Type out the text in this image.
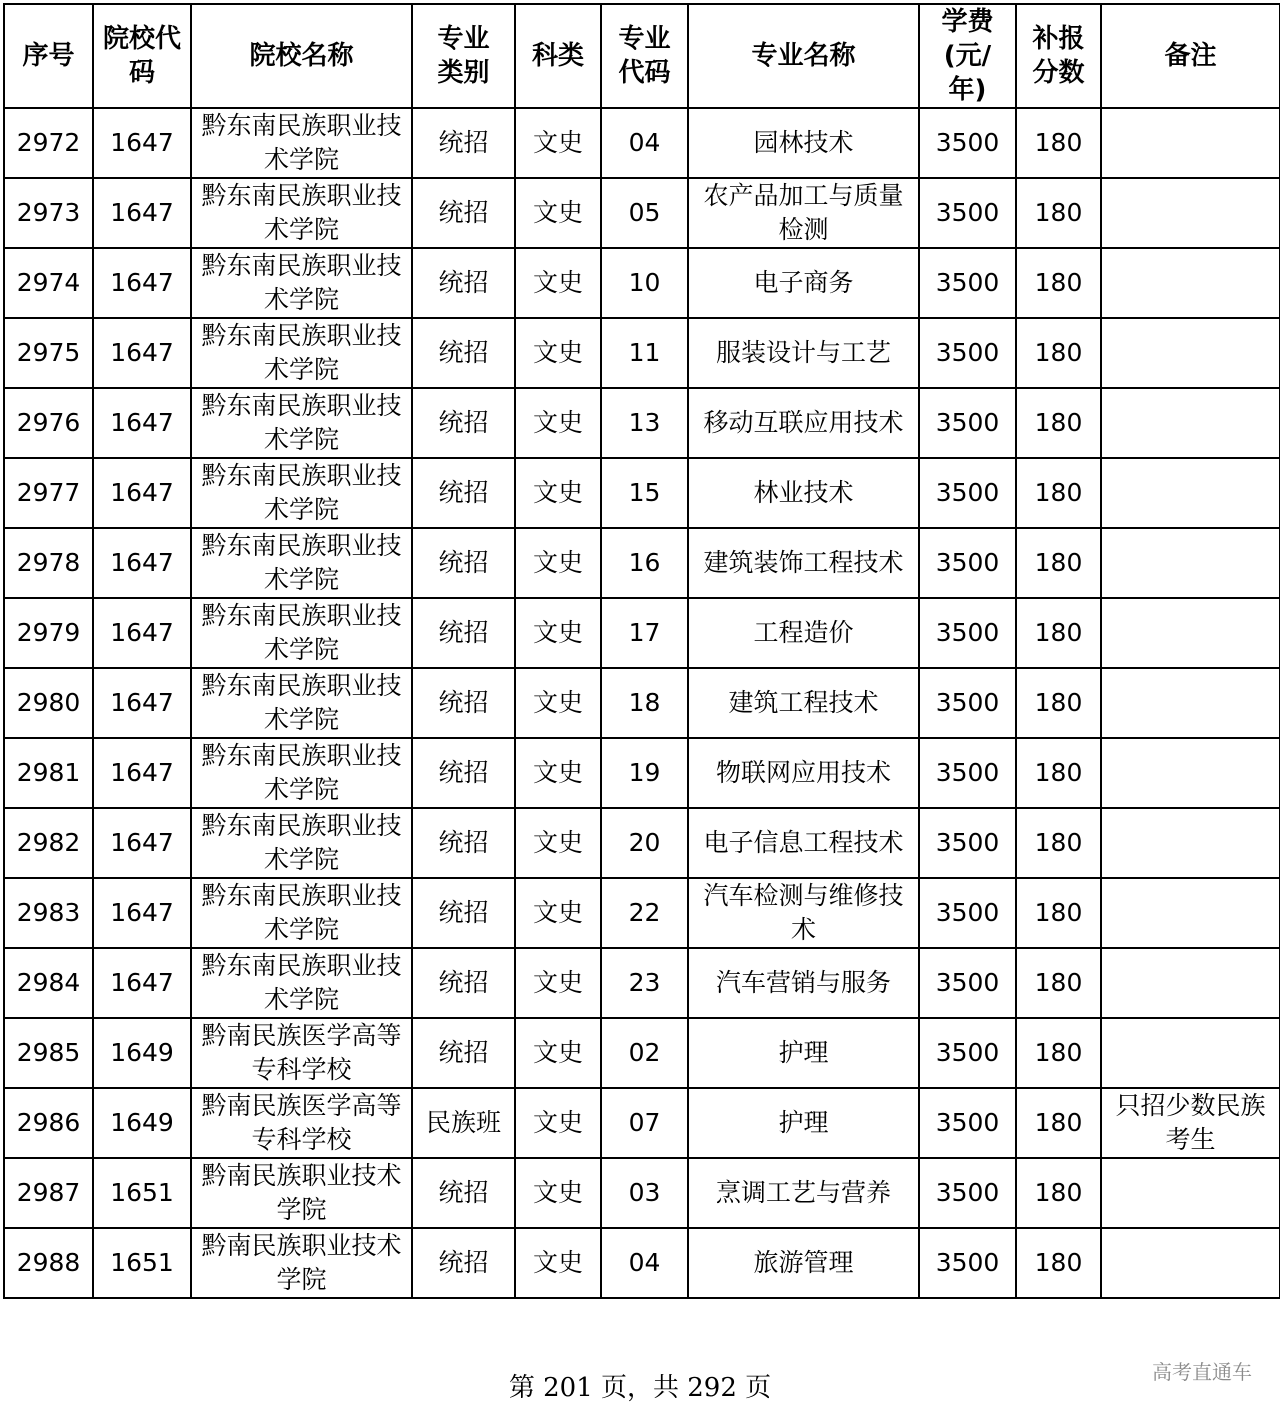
序号	院校代码	院校名称	专业类别	科类	专业代码	专业名称	学费(元/年)	补报分数	备注
2972	1647	黔东南民族职业技术学院	统招	文史	04	园林技术	3500	180	
2973	1647	黔东南民族职业技术学院	统招	文史	05	农产品加工与质量检测	3500	180	
2974	1647	黔东南民族职业技术学院	统招	文史	10	电子商务	3500	180	
2975	1647	黔东南民族职业技术学院	统招	文史	11	服装设计与工艺	3500	180	
2976	1647	黔东南民族职业技术学院	统招	文史	13	移动互联应用技术	3500	180	
2977	1647	黔东南民族职业技术学院	统招	文史	15	林业技术	3500	180	
2978	1647	黔东南民族职业技术学院	统招	文史	16	建筑装饰工程技术	3500	180	
2979	1647	黔东南民族职业技术学院	统招	文史	17	工程造价	3500	180	
2980	1647	黔东南民族职业技术学院	统招	文史	18	建筑工程技术	3500	180	
2981	1647	黔东南民族职业技术学院	统招	文史	19	物联网应用技术	3500	180	
2982	1647	黔东南民族职业技术学院	统招	文史	20	电子信息工程技术	3500	180	
2983	1647	黔东南民族职业技术学院	统招	文史	22	汽车检测与维修技术	3500	180	
2984	1647	黔东南民族职业技术学院	统招	文史	23	汽车营销与服务	3500	180	
2985	1649	黔南民族医学高等专科学校	统招	文史	02	护理	3500	180	
2986	1649	黔南民族医学高等专科学校	民族班	文史	07	护理	3500	180	只招少数民族考生
2987	1651	黔南民族职业技术学院	统招	文史	03	烹调工艺与营养	3500	180	
2988	1651	黔南民族职业技术学院	统招	文史	04	旅游管理	3500	180	
第 201 页，共 292 页
高考直通车
